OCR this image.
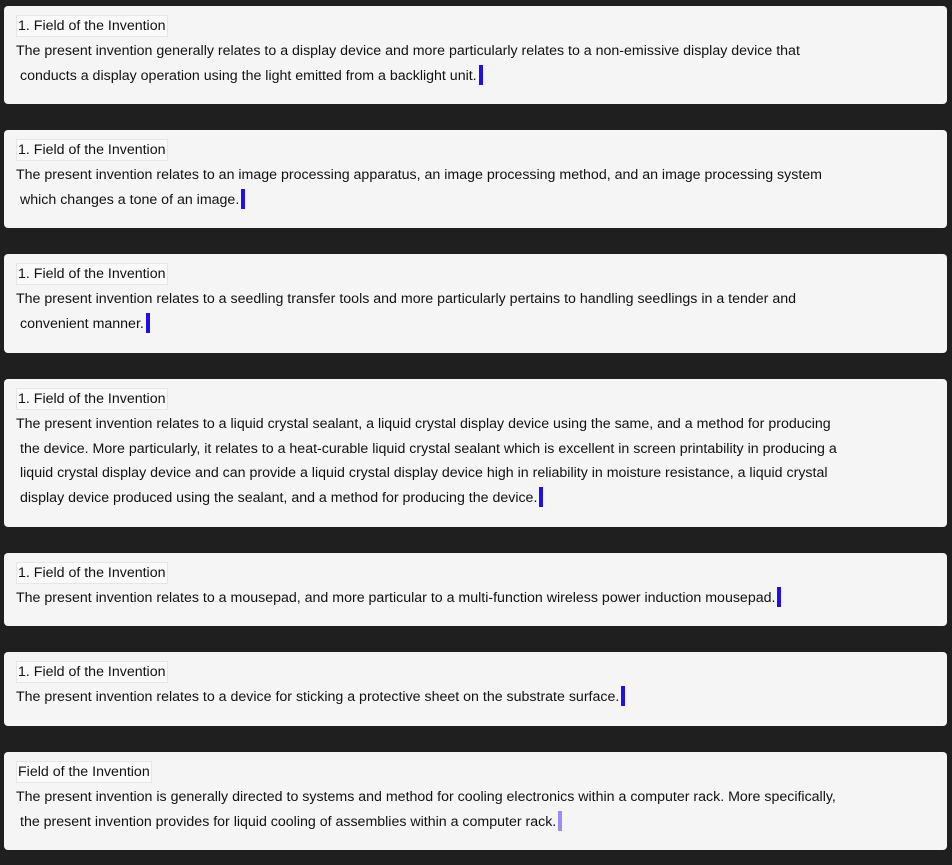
1. Field of the Invention
The present invention generally relates to a display device and more particularly relates to a non-emissive display device that
conducts a display operation using the light emitted from a backlight unit.
1. Field of the Invention
The present invention relates to an image processing apparatus, an image processing method, and an image processing system
which changes a tone of an image.
1. Field of the Invention
The present invention relates to a seedling transfer tools and more particularly pertains to handling seedlings in a tender and
convenient manner.
1. Field of the Invention
The present invention relates to a liquid crystal sealant, a liquid crystal display device using the same, and a method for producing
the device. More particularly, it relates to a heat-curable liquid crystal sealant which is excellent in screen printability in producing a
liquid crystal display device and can provide a liquid crystal display device high in reliability in moisture resistance, a liquid crystal
display device produced using the sealant, and a method for producing the device.
1. Field of the Invention
The present invention relates to a mousepad, and more particular to a multi-function wireless power induction mousepad.
1. Field of the Invention
The present invention relates to a device for sticking a protective sheet on the substrate surface.
Field of the Invention
The present invention is generally directed to systems and method for cooling electronics within a computer rack. More specifically,
the present invention provides for liquid cooling of assemblies within a computer rack.
